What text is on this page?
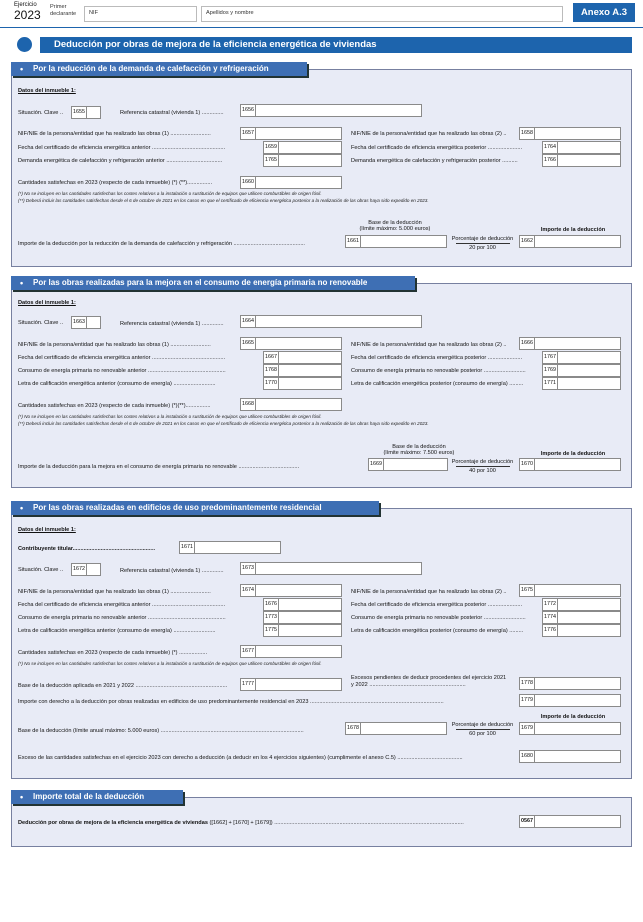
Ejercicio
2023
Primer
declarante NIF	Apellidos y nombre	Anexo A.3
Deducción por obras de mejora de la eficiencia energética de viviendas
• Por la reducción de la demanda de calefacción y refrigeración
Datos del inmueble 1:
Situación. Clave .. 1655	Referencia catastral (vivienda 1) ..............	1656
NIF/NIE de la persona/entidad que ha realizado las obras (1) ..........................	1657	NIF/NIE de la persona/entidad que ha realizado las obras (2) ..	1658
Fecha del certificado de eficiencia energética anterior ...............................................	1659	Fecha del certificado de eficiencia energética posterior ......................	1764
Demanda energética de calefacción y refrigeración anterior ....................................	1765	Demanda energética de calefacción y refrigeración posterior ..........	1766
Cantidades satisfechas en 2023 (respecto de cada inmueble) (*) (**)................	1660
(*) No se incluyen en las cantidades satisfechas los costes relativos a la instalación o sustitución de equipos que utilicen combustibles de origen fósil.
(**) Deberá incluir las cantidades satisfechas desde el 6 de octubre de 2021 en los casos en que el certificado de eficiencia energética posterior a la realización de las obras haya sido expedido en 2023.
Base de la deducción
(límite máximo: 5.000 euros)
Porcentaje de deducción
20 por 100
Importe de la deducción
Importe de la deducción por la reducción de la demanda de calefacción y refrigeración ..............................................	1661	1662
• Por las obras realizadas para la mejora en el consumo de energía primaria no renovable
Datos del inmueble 1:
Situación. Clave .. 1663	Referencia catastral (vivienda 1) ..............	1664
NIF/NIE de la persona/entidad que ha realizado las obras (1) ..........................	1665	NIF/NIE de la persona/entidad que ha realizado las obras (2) ..	1666
Fecha del certificado de eficiencia energética anterior ...............................................	1667	Fecha del certificado de eficiencia energética posterior ......................	1767
Consumo de energía primaria no renovable anterior ..................................................	1768	Consumo de energía primaria no renovable posterior ...........................	1769
Letra de calificación energética anterior (consumo de energía) ...........................	1770	Letra de calificación energética posterior (consumo de energía) .........	1771
Cantidades satisfechas en 2023 (respecto de cada inmueble) (*)(**)................	1668
(*) No se incluyen en las cantidades satisfechas los costes relativos a la instalación o sustitución de equipos que utilicen combustibles de origen fósil.
(**) Deberá incluir las cantidades satisfechas desde el 6 de octubre de 2021 en los casos en que el certificado de eficiencia energética posterior a la realización de las obras haya sido expedido en 2023.
Base de la deducción
(límite máximo: 7.500 euros)
Porcentaje de deducción
40 por 100
Importe de la deducción
Importe de la deducción para la mejora en el consumo de energía primaria no renovable .......................................	1669	1670
• Por las obras realizadas en edificios de uso predominantemente residencial
Datos del inmueble 1:
Contribuyente titular.....................................................	1671
Situación. Clave .. 1672	Referencia catastral (vivienda 1) ..............	1673
NIF/NIE de la persona/entidad que ha realizado las obras (1) ..........................	1674	NIF/NIE de la persona/entidad que ha realizado las obras (2) ..	1675
Fecha del certificado de eficiencia energética anterior ...............................................	1676	Fecha del certificado de eficiencia energética posterior ......................	1772
Consumo de energía primaria no renovable anterior ..................................................	1773	Consumo de energía primaria no renovable posterior ...........................	1774
Letra de calificación energética anterior (consumo de energía) ...........................	1775	Letra de calificación energética posterior (consumo de energía) .........	1776
Cantidades satisfechas en 2023 (respecto de cada inmueble) (*) ..................	1677
(*) No se incluyen en las cantidades satisfechas los costes relativos a la instalación o sustitución de equipos que utilicen combustibles de origen fósil.
Base de la deducción aplicada en 2021 y 2022 ...........................................................	1777
Excesos pendientes de deducir procedentes del ejercicio 2021
y 2022 ..............................................................	1778
Importe con derecho a la deducción por obras realizadas en edificios de uso predominantemente residencial en 2023 ......................................................................................	1779
Porcentaje de deducción
60 por 100
Importe de la deducción
Base de la deducción (límite anual máximo: 5.000 euros) ............................................................................................	1678	1679
Exceso de las cantidades satisfechas en el ejercicio 2023 con derecho a deducción (a deducir en los 4 ejercicios siguientes) (cumplimente el anexo C.5) ..........................................	1680
• Importe total de la deducción
Deducción por obras de mejora de la eficiencia energética de viviendas ([1662] + [1670] + [1679]) ..........................................................................................................................	0567
